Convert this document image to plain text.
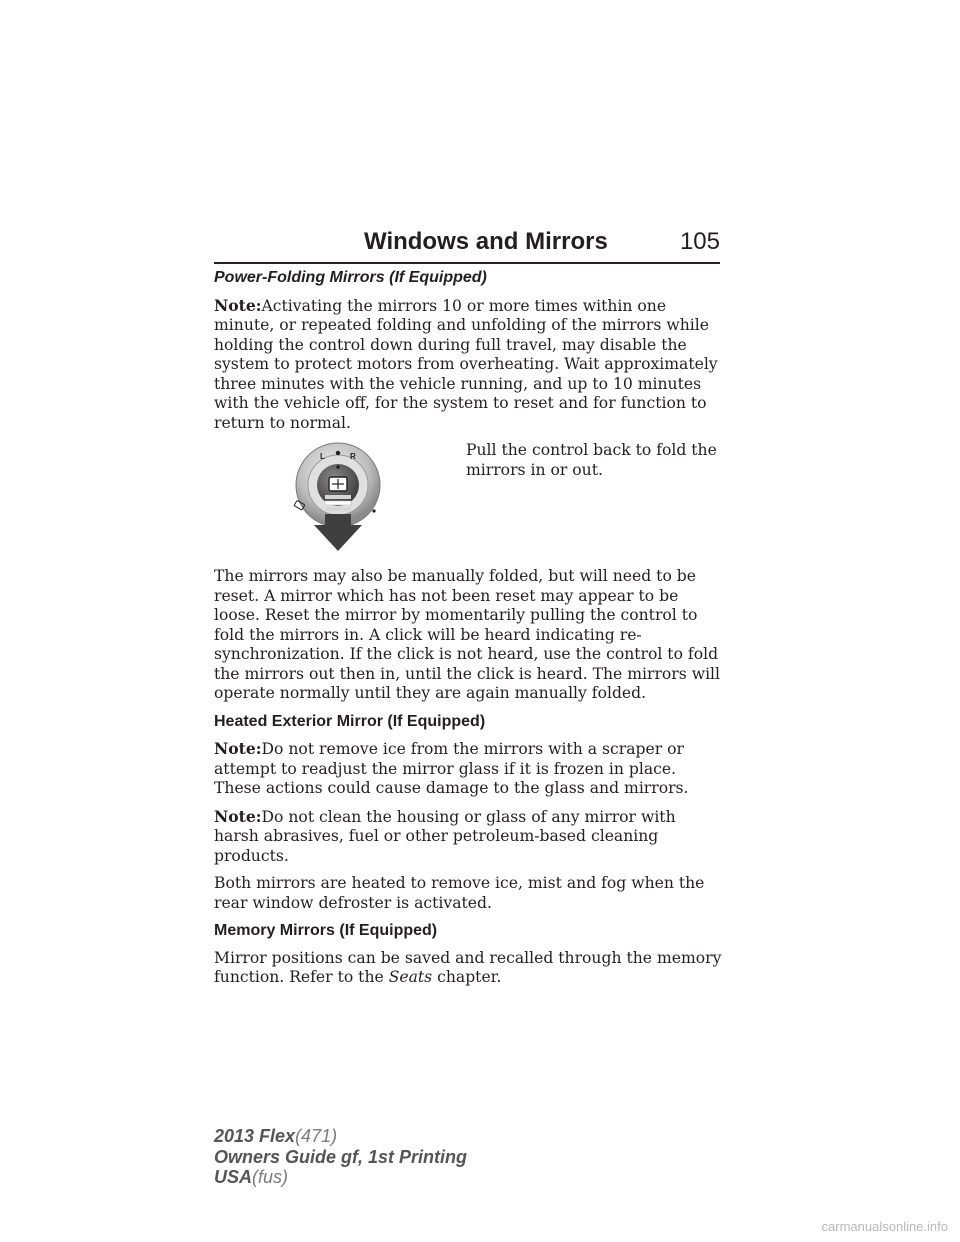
Windows and Mirrors	105

Power-Folding Mirrors (If Equipped)

Note:Activating the mirrors 10 or more times within one minute, or repeated folding and unfolding of the mirrors while holding the control down during full travel, may disable the system to protect motors from overheating. Wait approximately three minutes with the vehicle running, and up to 10 minutes with the vehicle off, for the system to reset and for function to return to normal.

L	R	Pull the control back to fold the mirrors in or out.

The mirrors may also be manually folded, but will need to be reset. A mirror which has not been reset may appear to be loose. Reset the mirror by momentarily pulling the control to fold the mirrors in. A click will be heard indicating re-synchronization. If the click is not heard, use the control to fold the mirrors out then in, until the click is heard. The mirrors will operate normally until they are again manually folded.

Heated Exterior Mirror (If Equipped)

Note:Do not remove ice from the mirrors with a scraper or attempt to readjust the mirror glass if it is frozen in place. These actions could cause damage to the glass and mirrors.

Note:Do not clean the housing or glass of any mirror with harsh abrasives, fuel or other petroleum-based cleaning products.

Both mirrors are heated to remove ice, mist and fog when the rear window defroster is activated.

Memory Mirrors (If Equipped)

Mirror positions can be saved and recalled through the memory function. Refer to the Seats chapter.

2013 Flex(471)
Owners Guide gf, 1st Printing
USA(fus)
carmanualsonline.info
